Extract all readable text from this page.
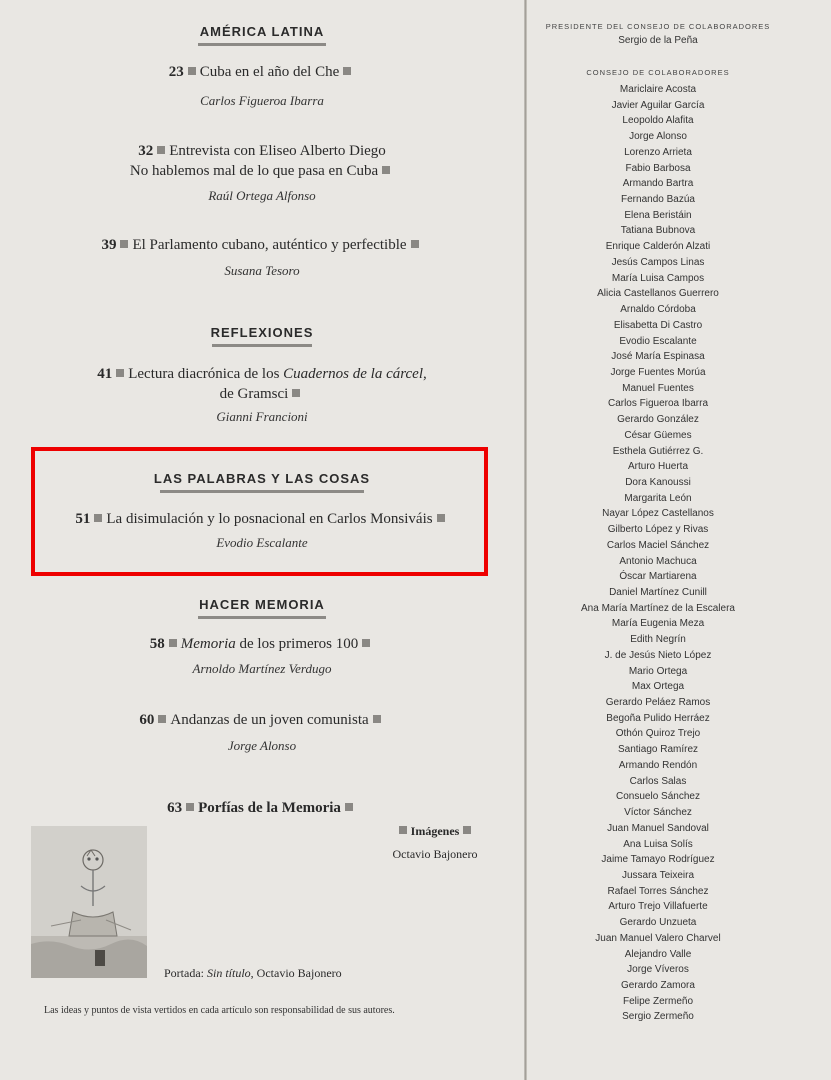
AMÉRICA LATINA
23 Cuba en el año del Che
Carlos Figueroa Ibarra
32 Entrevista con Eliseo Alberto Diego
No hablemos mal de lo que pasa en Cuba
Raúl Ortega Alfonso
39 El Parlamento cubano, auténtico y perfectible
Susana Tesoro
REFLEXIONES
41 Lectura diacrónica de los Cuadernos de la cárcel,
de Gramsci
Gianni Francioni
LAS PALABRAS Y LAS COSAS
51 La disimulación y lo posnacional en Carlos Monsiváis
Evodio Escalante
HACER MEMORIA
58 Memoria de los primeros 100
Arnoldo Martínez Verdugo
60 Andanzas de un joven comunista
Jorge Alonso
63 Porfías de la Memoria
Imágenes
Octavio Bajonero
Portada: Sin título, Octavio Bajonero
Las ideas y puntos de vista vertidos en cada artículo son responsabilidad de sus autores.
PRESIDENTE DEL CONSEJO DE COLABORADORES
Sergio de la Peña
CONSEJO DE COLABORADORES
Mariclaire Acosta
Javier Aguilar García
Leopoldo Alafita
Jorge Alonso
Lorenzo Arrieta
Fabio Barbosa
Armando Bartra
Fernando Bazúa
Elena Beristáin
Tatiana Bubnova
Enrique Calderón Alzati
Jesús Campos Linas
María Luisa Campos
Alicia Castellanos Guerrero
Arnaldo Córdoba
Elisabetta Di Castro
Evodio Escalante
José María Espinasa
Jorge Fuentes Morúa
Manuel Fuentes
Carlos Figueroa Ibarra
Gerardo González
César Güemes
Esthela Gutiérrez G.
Arturo Huerta
Dora Kanoussi
Margarita León
Nayar López Castellanos
Gilberto López y Rivas
Carlos Maciel Sánchez
Antonio Machuca
Óscar Martiarena
Daniel Martínez Cunill
Ana María Martínez de la Escalera
María Eugenia Meza
Edith Negrín
J. de Jesús Nieto López
Mario Ortega
Max Ortega
Gerardo Peláez Ramos
Begoña Pulido Herráez
Othón Quiroz Trejo
Santiago Ramírez
Armando Rendón
Carlos Salas
Consuelo Sánchez
Víctor Sánchez
Juan Manuel Sandoval
Ana Luisa Solís
Jaime Tamayo Rodríguez
Jussara Teixeira
Rafael Torres Sánchez
Arturo Trejo Villafuerte
Gerardo Unzueta
Juan Manuel Valero Charvel
Alejandro Valle
Jorge Víveros
Gerardo Zamora
Felipe Zermeño
Sergio Zermeño
